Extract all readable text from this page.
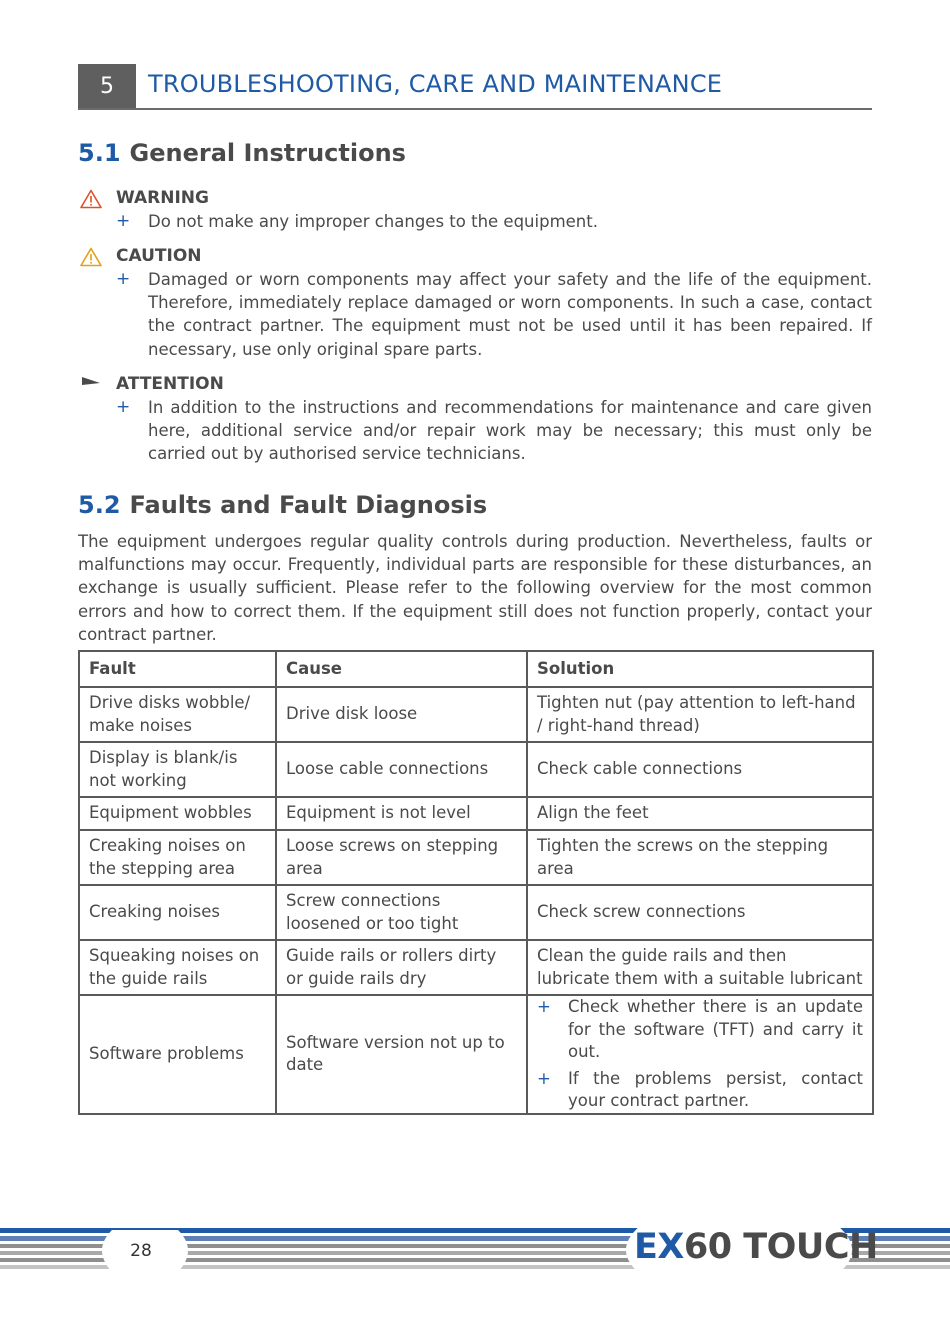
5	TROUBLESHOOTING, CARE AND MAINTENANCE
5.1 General Instructions
WARNING
+ Do not make any improper changes to the equipment.
CAUTION
+ Damaged or worn components may affect your safety and the life of the equipment. Therefore, immediately replace damaged or worn components. In such a case, contact the contract partner. The equipment must not be used until it has been repaired. If necessary, use only original spare parts.
ATTENTION
+ In addition to the instructions and recommendations for maintenance and care given here, additional service and/or repair work may be necessary; this must only be carried out by authorised service technicians.
5.2 Faults and Fault Diagnosis
The equipment undergoes regular quality controls during production. Nevertheless, faults or malfunctions may occur. Frequently, individual parts are responsible for these disturbances, an exchange is usually sufficient. Please refer to the following overview for the most common errors and how to correct them. If the equipment still does not function properly, contact your contract partner.
Fault	Cause	Solution
Drive disks wobble/ make noises	Drive disk loose	Tighten nut (pay attention to left-hand / right-hand thread)
Display is blank/is not working	Loose cable connections	Check cable connections
Equipment wobbles	Equipment is not level	Align the feet
Creaking noises on the stepping area	Loose screws on stepping area	Tighten the screws on the stepping area
Creaking noises	Screw connections loosened or too tight	Check screw connections
Squeaking noises on the guide rails	Guide rails or rollers dirty or guide rails dry	Clean the guide rails and then lubricate them with a suitable lubricant
Software problems	Software version not up to date	+ Check whether there is an update for the software (TFT) and carry it out.
+ If the problems persist, contact your contract partner.
28	EX60 TOUCH
